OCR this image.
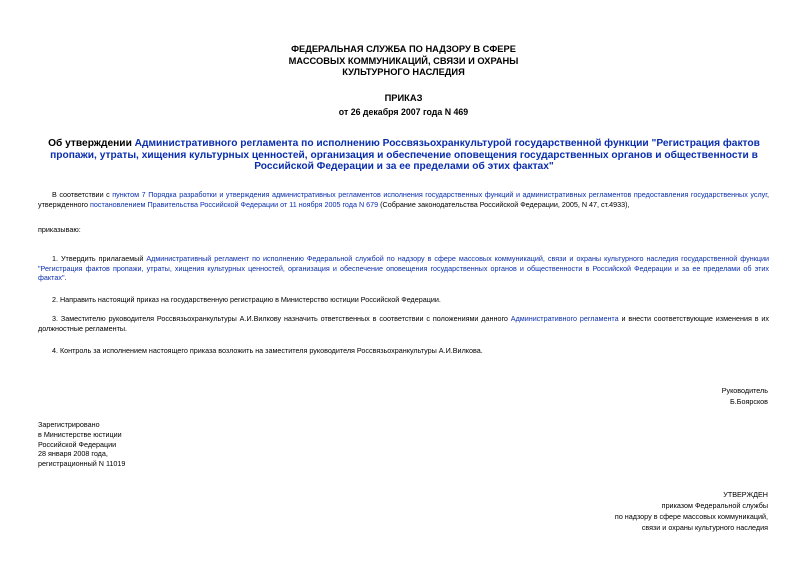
ФЕДЕРАЛЬНАЯ СЛУЖБА ПО НАДЗОРУ В СФЕРЕ
МАССОВЫХ КОММУНИКАЦИЙ, СВЯЗИ И ОХРАНЫ
КУЛЬТУРНОГО НАСЛЕДИЯ
ПРИКАЗ
от 26 декабря 2007 года N 469
Об утверждении Административного регламента по исполнению Россвязьохранкультурой государственной функции "Регистрация фактов пропажи, утраты, хищения культурных ценностей, организация и обеспечение оповещения государственных органов и общественности в Российской Федерации и за ее пределами об этих фактах"
В соответствии с пунктом 7 Порядка разработки и утверждения административных регламентов исполнения государственных функций и административных регламентов предоставления государственных услуг, утвержденного постановлением Правительства Российской Федерации от 11 ноября 2005 года N 679 (Собрание законодательства Российской Федерации, 2005, N 47, ст.4933),
приказываю:
1. Утвердить прилагаемый Административный регламент по исполнению Федеральной службой по надзору в сфере массовых коммуникаций, связи и охраны культурного наследия государственной функции "Регистрация фактов пропажи, утраты, хищения культурных ценностей, организация и обеспечение оповещения государственных органов и общественности в Российской Федерации и за ее пределами об этих фактах".
2. Направить настоящий приказ на государственную регистрацию в Министерство юстиции Российской Федерации.
3. Заместителю руководителя Россвязьохранкультуры А.И.Вилкову назначить ответственных в соответствии с положениями данного Административного регламента и внести соответствующие изменения в их должностные регламенты.
4. Контроль за исполнением настоящего приказа возложить на заместителя руководителя Россвязьохранкультуры А.И.Вилкова.
Руководитель
Б.Боярсков
Зарегистрировано
в Министерстве юстиции
Российской Федерации
28 января 2008 года,
регистрационный N 11019
УТВЕРЖДЕН
приказом Федеральной службы
по надзору в сфере массовых коммуникаций,
связи и охраны культурного наследия
